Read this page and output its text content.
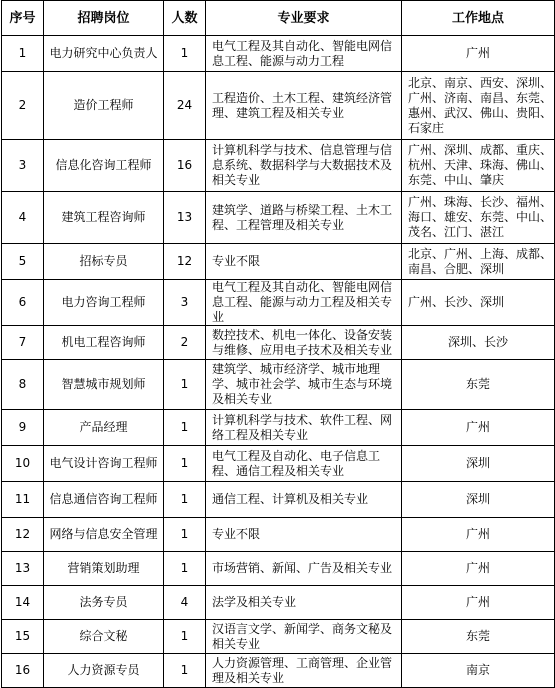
序号	招聘岗位	人数	专业要求	工作地点
1	电力研究中心负责人	1	电气工程及其自动化、智能电网信息工程、能源与动力工程	广州
2	造价工程师	24	工程造价、土木工程、建筑经济管理、建筑工程及相关专业	北京、南京、西安、深圳、广州、济南、南昌、东莞、惠州、武汉、佛山、贵阳、石家庄
3	信息化咨询工程师	16	计算机科学与技术、信息管理与信息系统、数据科学与大数据技术及相关专业	广州、深圳、成都、重庆、杭州、天津、珠海、佛山、东莞、中山、肇庆
4	建筑工程咨询师	13	建筑学、道路与桥梁工程、土木工程、工程管理及相关专业	广州、珠海、长沙、福州、海口、雄安、东莞、中山、茂名、江门、湛江
5	招标专员	12	专业不限	北京、广州、上海、成都、南昌、合肥、深圳
6	电力咨询工程师	3	电气工程及其自动化、智能电网信息工程、能源与动力工程及相关专业	广州、长沙、深圳
7	机电工程咨询师	2	数控技术、机电一体化、设备安装与维修、应用电子技术及相关专业	深圳、长沙
8	智慧城市规划师	1	建筑学、城市经济学、城市地理学、城市社会学、城市生态与环境及相关专业	东莞
9	产品经理	1	计算机科学与技术、软件工程、网络工程及相关专业	广州
10	电气设计咨询工程师	1	电气工程及自动化、电子信息工程、通信工程及相关专业	深圳
11	信息通信咨询工程师	1	通信工程、计算机及相关专业	深圳
12	网络与信息安全管理	1	专业不限	广州
13	营销策划助理	1	市场营销、新闻、广告及相关专业	广州
14	法务专员	4	法学及相关专业	广州
15	综合文秘	1	汉语言文学、新闻学、商务文秘及相关专业	东莞
16	人力资源专员	1	人力资源管理、工商管理、企业管理及相关专业	南京
